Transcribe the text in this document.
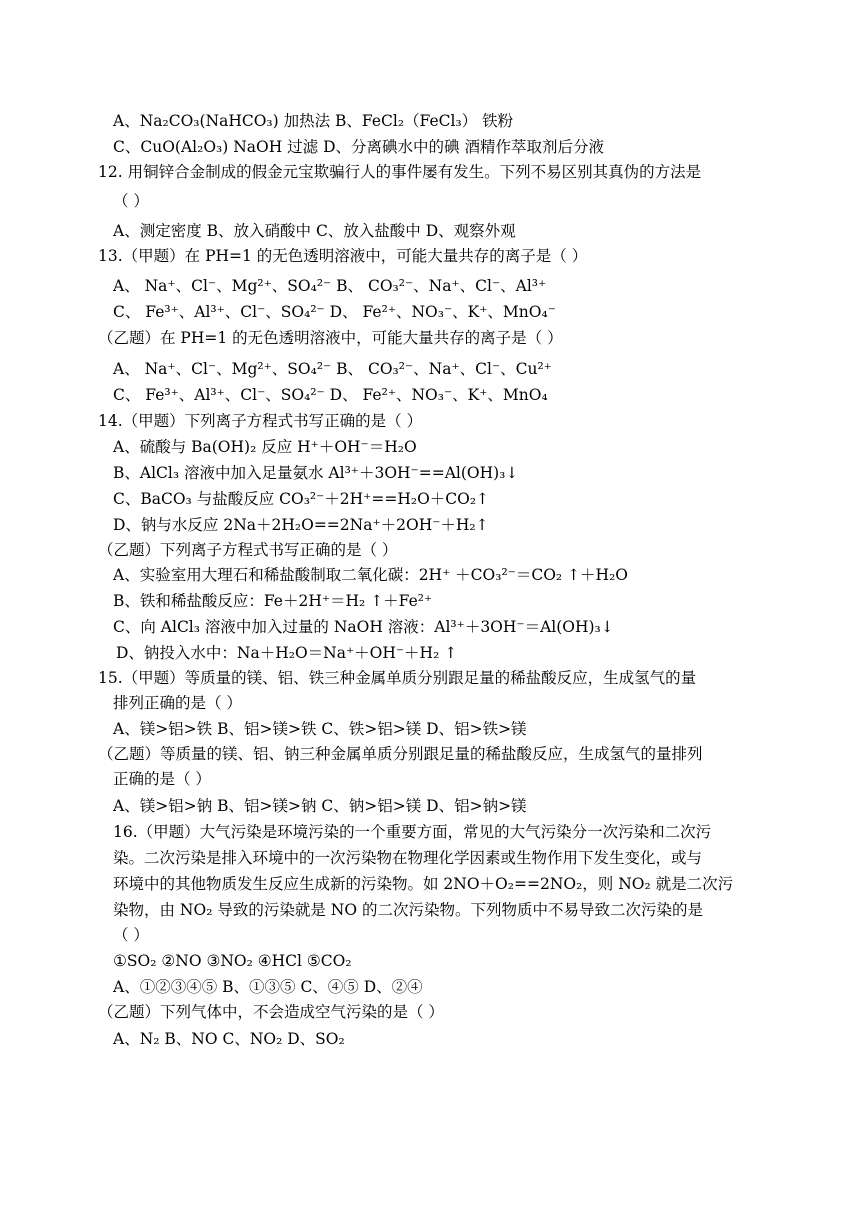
A、Na₂CO₃(NaHCO₃) 加热法 B、FeCl₂（FeCl₃） 铁粉
C、CuO(Al₂O₃) NaOH 过滤 D、分离碘水中的碘 酒精作萃取剂后分液
12. 用铜锌合金制成的假金元宝欺骗行人的事件屡有发生。下列不易区别其真伪的方法是
（ ）
A、测定密度 B、放入硝酸中 C、放入盐酸中 D、观察外观
13.（甲题）在 PH=1 的无色透明溶液中，可能大量共存的离子是（ ）
A、 Na⁺、Cl⁻、Mg²⁺、SO₄²⁻ B、 CO₃²⁻、Na⁺、Cl⁻、Al³⁺
C、 Fe³⁺、Al³⁺、Cl⁻、SO₄²⁻ D、 Fe²⁺、NO₃⁻、K⁺、MnO₄⁻
（乙题）在 PH=1 的无色透明溶液中，可能大量共存的离子是（ ）
A、 Na⁺、Cl⁻、Mg²⁺、SO₄²⁻ B、 CO₃²⁻、Na⁺、Cl⁻、Cu²⁺
C、 Fe³⁺、Al³⁺、Cl⁻、SO₄²⁻ D、 Fe²⁺、NO₃⁻、K⁺、MnO₄
14.（甲题）下列离子方程式书写正确的是（ ）
A、硫酸与 Ba(OH)₂ 反应 H⁺＋OH⁻＝H₂O
B、AlCl₃ 溶液中加入足量氨水 Al³⁺＋3OH⁻==Al(OH)₃↓
C、BaCO₃ 与盐酸反应 CO₃²⁻＋2H⁺==H₂O＋CO₂↑
D、钠与水反应 2Na＋2H₂O==2Na⁺＋2OH⁻＋H₂↑
（乙题）下列离子方程式书写正确的是（ ）
A、实验室用大理石和稀盐酸制取二氧化碳：2H⁺ ＋CO₃²⁻＝CO₂ ↑＋H₂O
B、铁和稀盐酸反应：Fe＋2H⁺＝H₂ ↑＋Fe²⁺
C、向 AlCl₃ 溶液中加入过量的 NaOH 溶液：Al³⁺＋3OH⁻＝Al(OH)₃↓
D、钠投入水中：Na＋H₂O＝Na⁺＋OH⁻＋H₂ ↑
15.（甲题）等质量的镁、铝、铁三种金属单质分别跟足量的稀盐酸反应，生成氢气的量
排列正确的是（ ）
A、镁>铝>铁 B、铝>镁>铁 C、铁>铝>镁 D、铝>铁>镁
（乙题）等质量的镁、铝、钠三种金属单质分别跟足量的稀盐酸反应，生成氢气的量排列
正确的是（ ）
A、镁>铝>钠 B、铝>镁>钠 C、钠>铝>镁 D、铝>钠>镁
16.（甲题）大气污染是环境污染的一个重要方面，常见的大气污染分一次污染和二次污
染。二次污染是排入环境中的一次污染物在物理化学因素或生物作用下发生变化，或与
环境中的其他物质发生反应生成新的污染物。如 2NO＋O₂==2NO₂，则 NO₂ 就是二次污
染物，由 NO₂ 导致的污染就是 NO 的二次污染物。下列物质中不易导致二次污染的是
（ ）
①SO₂ ②NO ③NO₂ ④HCl ⑤CO₂
A、①②③④⑤ B、①③⑤ C、④⑤ D、②④
（乙题）下列气体中，不会造成空气污染的是（ ）
A、N₂ B、NO C、NO₂ D、SO₂
